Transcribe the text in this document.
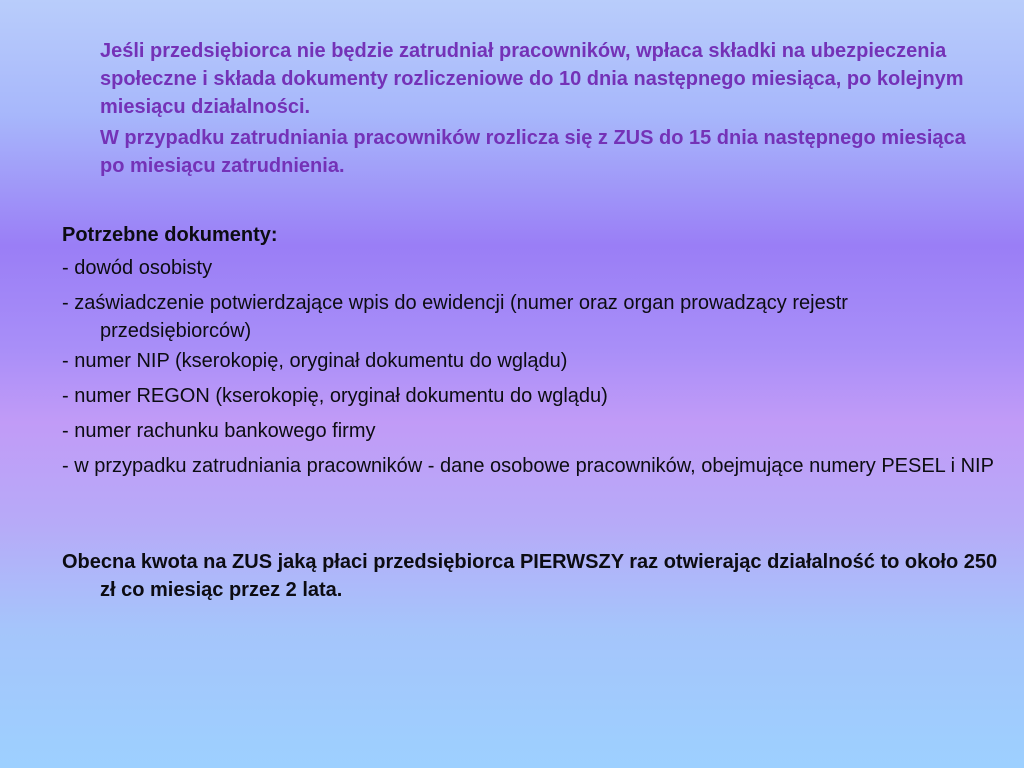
Jeśli przedsiębiorca nie będzie zatrudniał pracowników, wpłaca składki na ubezpieczenia społeczne i składa dokumenty rozliczeniowe do 10 dnia następnego miesiąca, po kolejnym miesiącu działalności.

W przypadku zatrudniania pracowników rozlicza się z ZUS do 15 dnia następnego miesiąca po miesiącu zatrudnienia.

Potrzebne dokumenty:

- dowód osobisty

- zaświadczenie potwierdzające wpis do ewidencji (numer oraz organ prowadzący rejestr przedsiębiorców)

- numer NIP (kserokopię, oryginał dokumentu do wglądu)

- numer REGON (kserokopię, oryginał dokumentu do wglądu)

- numer rachunku bankowego firmy

- w przypadku zatrudniania pracowników - dane osobowe pracowników, obejmujące numery PESEL i NIP

Obecna kwota na ZUS jaką płaci przedsiębiorca PIERWSZY raz otwierając działalność to około 250 zł co miesiąc przez 2 lata.
